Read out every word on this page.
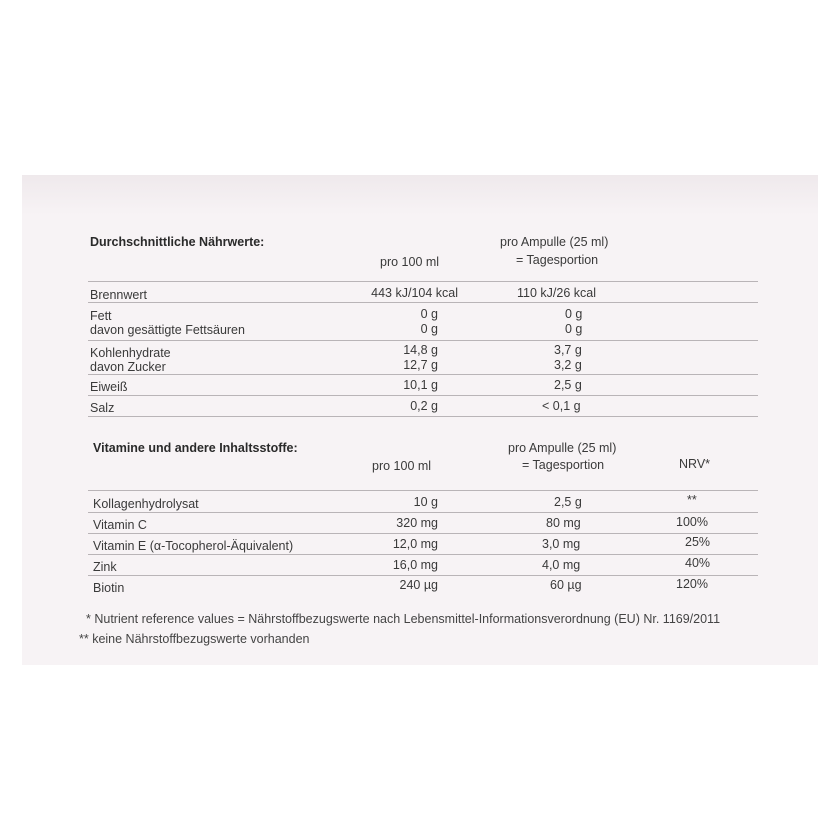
Durchschnittliche Nährwerte:
pro 100 ml
pro Ampulle (25 ml)
= Tagesportion
Brennwert	443 kJ/104 kcal	110 kJ/26 kcal
Fett	0 g	0 g
davon gesättigte Fettsäuren	0 g	0 g
Kohlenhydrate	14,8 g	3,7 g
davon Zucker	12,7 g	3,2 g
Eiweiß	10,1 g	2,5 g
Salz	0,2 g	< 0,1 g
Vitamine und andere Inhaltsstoffe:
pro 100 ml
pro Ampulle (25 ml)
= Tagesportion	NRV*
Kollagenhydrolysat	10 g	2,5 g	**
Vitamin C	320 mg	80 mg	100%
Vitamin E (α-Tocopherol-Äquivalent)	12,0 mg	3,0 mg	25%
Zink	16,0 mg	4,0 mg	40%
Biotin	240 µg	60 µg	120%
* Nutrient reference values = Nährstoffbezugswerte nach Lebensmittel-Informationsverordnung (EU) Nr. 1169/2011
** keine Nährstoffbezugswerte vorhanden
